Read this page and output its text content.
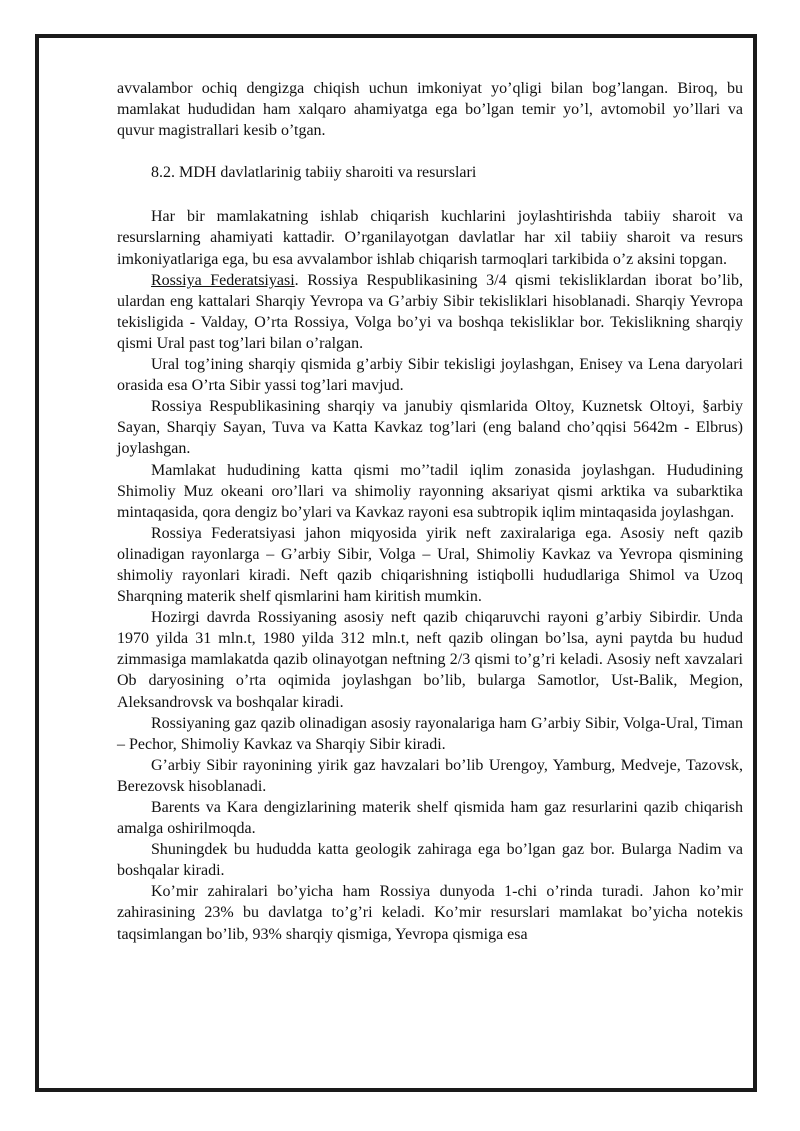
avvalambor ochiq dengizga chiqish uchun imkoniyat yo’qligi bilan bog’langan. Biroq, bu mamlakat hududidan ham xalqaro ahamiyatga ega bo’lgan temir yo’l, avtomobil yo’llari va quvur magistrallari kesib o’tgan.

8.2. MDH davlatlarinig tabiiy sharoiti va resurslari

Har bir mamlakatning ishlab chiqarish kuchlarini joylashtirishda tabiiy sharoit va resurslarning ahamiyati kattadir. O’rganilayotgan davlatlar har xil tabiiy sharoit va resurs imkoniyatlariga ega, bu esa avvalambor ishlab chiqarish tarmoqlari tarkibida o’z aksini topgan.

Rossiya Federatsiyasi. Rossiya Respublikasining 3/4 qismi tekisliklardan iborat bo’lib, ulardan eng kattalari Sharqiy Yevropa va G’arbiy Sibir tekisliklari hisoblanadi. Sharqiy Yevropa tekisligida - Valday, O’rta Rossiya, Volga bo’yi va boshqa tekisliklar bor. Tekislikning sharqiy qismi Ural past tog’lari bilan o’ralgan.

Ural tog’ining sharqiy qismida g’arbiy Sibir tekisligi joylashgan, Enisey va Lena daryolari orasida esa O’rta Sibir yassi tog’lari mavjud.

Rossiya Respublikasining sharqiy va janubiy qismlarida Oltoy, Kuznetsk Oltoyi, §arbiy Sayan, Sharqiy Sayan, Tuva va Katta Kavkaz tog’lari (eng baland cho’qqisi 5642m - Elbrus) joylashgan.

Mamlakat hududining katta qismi mo’’tadil iqlim zonasida joylashgan. Hududining Shimoliy Muz okeani oro’llari va shimoliy rayonning aksariyat qismi arktika va subarktika mintaqasida, qora dengiz bo’ylari va Kavkaz rayoni esa subtropik iqlim mintaqasida joylashgan.

Rossiya Federatsiyasi jahon miqyosida yirik neft zaxiralariga ega. Asosiy neft qazib olinadigan rayonlarga – G’arbiy Sibir, Volga – Ural, Shimoliy Kavkaz va Yevropa qismining shimoliy rayonlari kiradi. Neft qazib chiqarishning istiqbolli hududlariga Shimol va Uzoq Sharqning materik shelf qismlarini ham kiritish mumkin.

Hozirgi davrda Rossiyaning asosiy neft qazib chiqaruvchi rayoni g’arbiy Sibirdir. Unda 1970 yilda 31 mln.t, 1980 yilda 312 mln.t, neft qazib olingan bo’lsa, ayni paytda bu hudud zimmasiga mamlakatda qazib olinayotgan neftning 2/3 qismi to’g’ri keladi. Asosiy neft xavzalari Ob daryosining o’rta oqimida joylashgan bo’lib, bularga Samotlor, Ust-Balik, Megion, Aleksandrovsk va boshqalar kiradi.

Rossiyaning gaz qazib olinadigan asosiy rayonalariga ham G’arbiy Sibir, Volga-Ural, Timan – Pechor, Shimoliy Kavkaz va Sharqiy Sibir kiradi.

G’arbiy Sibir rayonining yirik gaz havzalari bo’lib Urengoy, Yamburg, Medveje, Tazovsk, Berezovsk hisoblanadi.

Barents va Kara dengizlarining materik shelf qismida ham gaz resurlarini qazib chiqarish amalga oshirilmoqda.

Shuningdek bu hududda katta geologik zahiraga ega bo’lgan gaz bor. Bularga Nadim va boshqalar kiradi.

Ko’mir zahiralari bo’yicha ham Rossiya dunyoda 1-chi o’rinda turadi. Jahon ko’mir zahirasining 23% bu davlatga to’g’ri keladi. Ko’mir resurslari mamlakat bo’yicha notekis taqsimlangan bo’lib, 93% sharqiy qismiga, Yevropa qismiga esa
